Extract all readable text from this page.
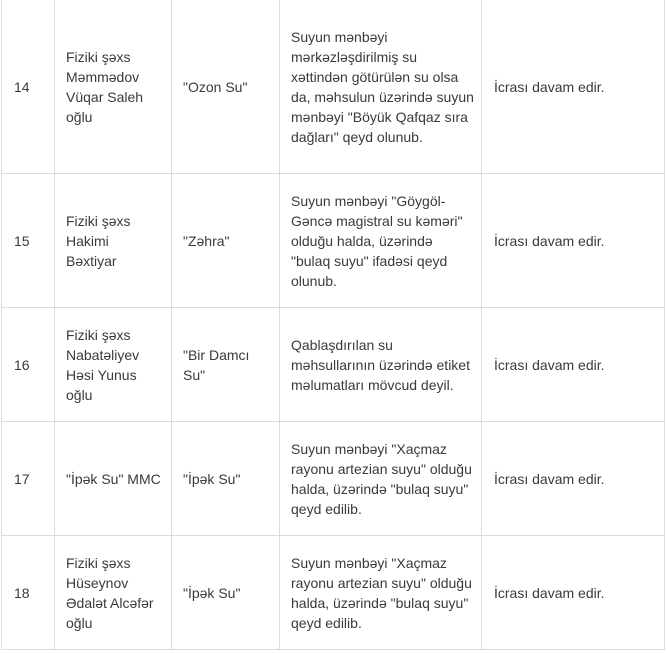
14	Fiziki şəxs Məmmədov Vüqar Saleh oğlu	"Ozon Su"	Suyun mənbəyi mərkəzləşdirilmiş su xəttindən götürülən su olsa da, məhsulun üzərində suyun mənbəyi "Böyük Qafqaz sıra dağları" qeyd olunub.	İcrası davam edir.
15	Fiziki şəxs Hakimi Bəxtiyar	"Zəhra"	Suyun mənbəyi "Göygöl-Gəncə magistral su kəməri" olduğu halda, üzərində "bulaq suyu" ifadəsi qeyd olunub.	İcrası davam edir.
16	Fiziki şəxs Nabatəliyev Həsi Yunus oğlu	"Bir Damcı Su"	Qablaşdırılan su məhsullarının üzərində etiket məlumatları mövcud deyil.	İcrası davam edir.
17	"İpək Su" MMC	"İpək Su"	Suyun mənbəyi "Xaçmaz rayonu artezian suyu" olduğu halda, üzərində "bulaq suyu" qeyd edilib.	İcrası davam edir.
18	Fiziki şəxs Hüseynov Ədalət Alcəfər oğlu	"İpək Su"	Suyun mənbəyi "Xaçmaz rayonu artezian suyu" olduğu halda, üzərində "bulaq suyu" qeyd edilib.	İcrası davam edir.
